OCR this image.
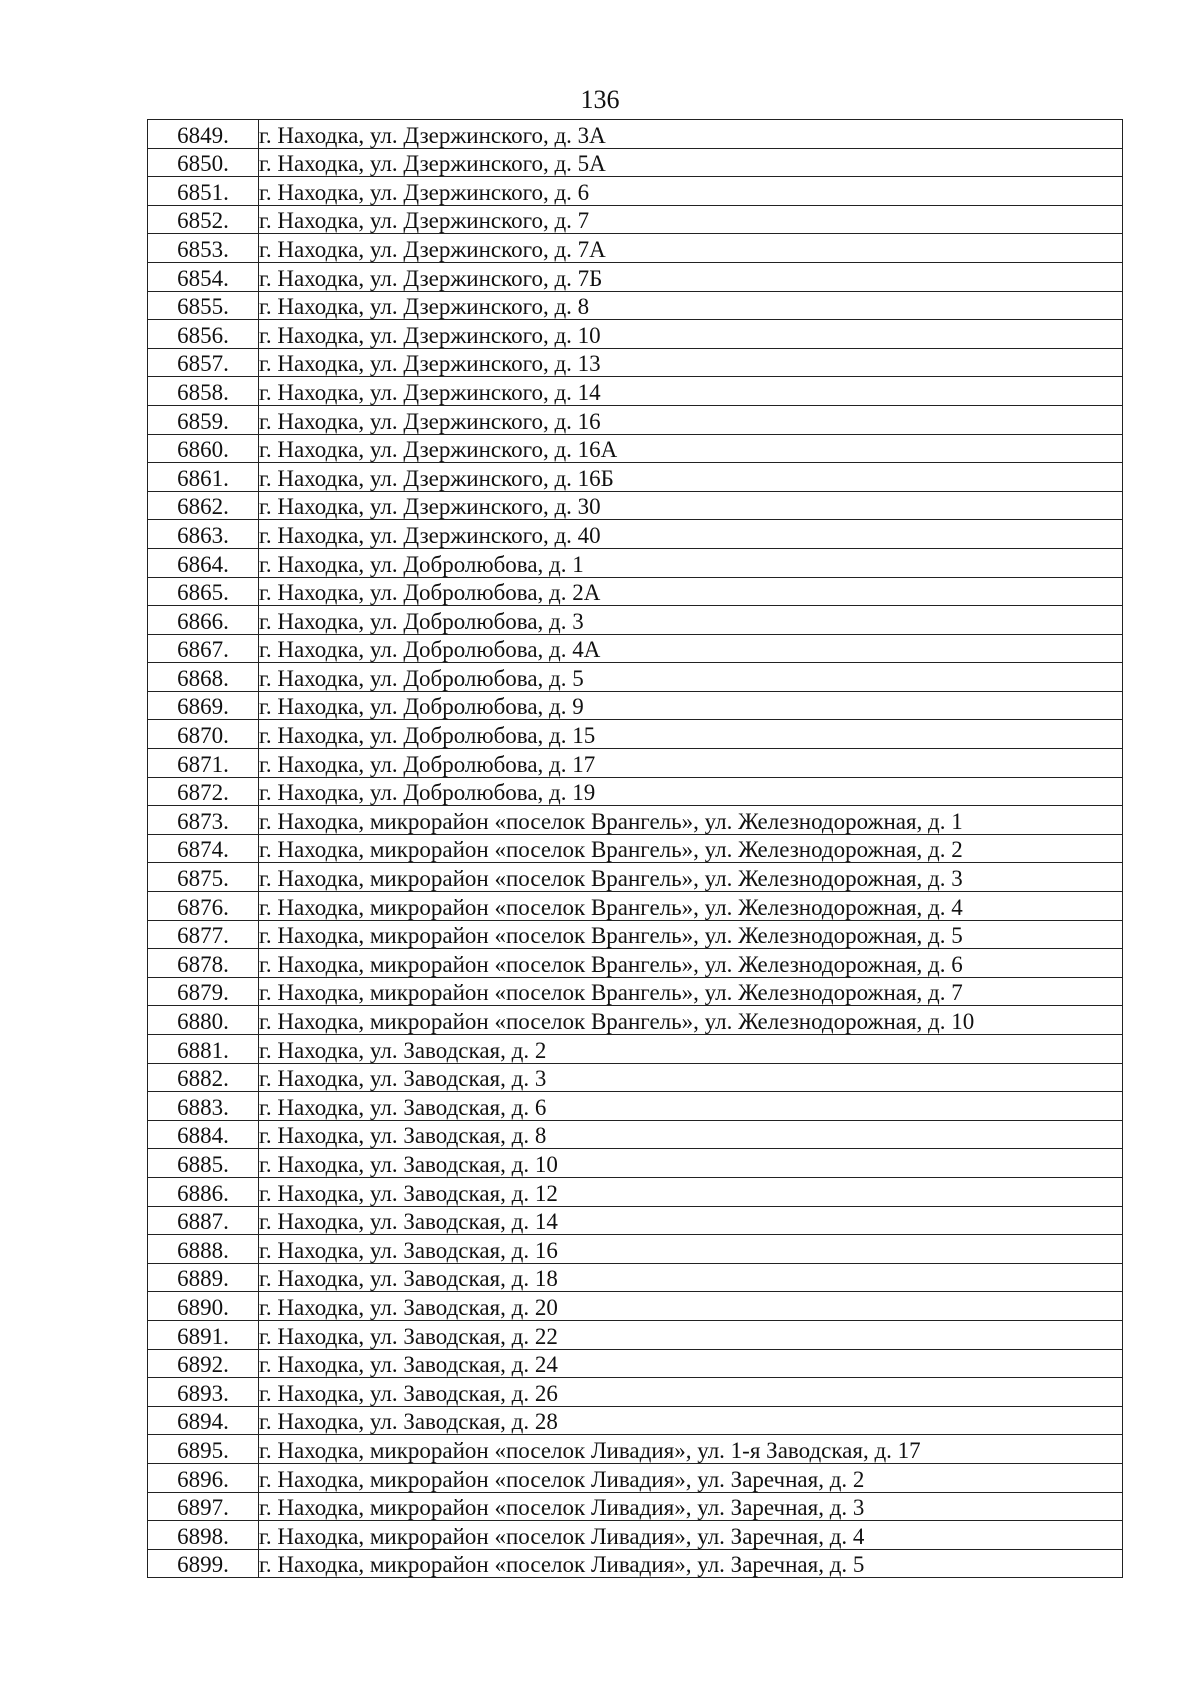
136
6849.	г. Находка, ул. Дзержинского, д. 3А
6850.	г. Находка, ул. Дзержинского, д. 5А
6851.	г. Находка, ул. Дзержинского, д. 6
6852.	г. Находка, ул. Дзержинского, д. 7
6853.	г. Находка, ул. Дзержинского, д. 7А
6854.	г. Находка, ул. Дзержинского, д. 7Б
6855.	г. Находка, ул. Дзержинского, д. 8
6856.	г. Находка, ул. Дзержинского, д. 10
6857.	г. Находка, ул. Дзержинского, д. 13
6858.	г. Находка, ул. Дзержинского, д. 14
6859.	г. Находка, ул. Дзержинского, д. 16
6860.	г. Находка, ул. Дзержинского, д. 16А
6861.	г. Находка, ул. Дзержинского, д. 16Б
6862.	г. Находка, ул. Дзержинского, д. 30
6863.	г. Находка, ул. Дзержинского, д. 40
6864.	г. Находка, ул. Добролюбова, д. 1
6865.	г. Находка, ул. Добролюбова, д. 2А
6866.	г. Находка, ул. Добролюбова, д. 3
6867.	г. Находка, ул. Добролюбова, д. 4А
6868.	г. Находка, ул. Добролюбова, д. 5
6869.	г. Находка, ул. Добролюбова, д. 9
6870.	г. Находка, ул. Добролюбова, д. 15
6871.	г. Находка, ул. Добролюбова, д. 17
6872.	г. Находка, ул. Добролюбова, д. 19
6873.	г. Находка, микрорайон «поселок Врангель», ул. Железнодорожная, д. 1
6874.	г. Находка, микрорайон «поселок Врангель», ул. Железнодорожная, д. 2
6875.	г. Находка, микрорайон «поселок Врангель», ул. Железнодорожная, д. 3
6876.	г. Находка, микрорайон «поселок Врангель», ул. Железнодорожная, д. 4
6877.	г. Находка, микрорайон «поселок Врангель», ул. Железнодорожная, д. 5
6878.	г. Находка, микрорайон «поселок Врангель», ул. Железнодорожная, д. 6
6879.	г. Находка, микрорайон «поселок Врангель», ул. Железнодорожная, д. 7
6880.	г. Находка, микрорайон «поселок Врангель», ул. Железнодорожная, д. 10
6881.	г. Находка, ул. Заводская, д. 2
6882.	г. Находка, ул. Заводская, д. 3
6883.	г. Находка, ул. Заводская, д. 6
6884.	г. Находка, ул. Заводская, д. 8
6885.	г. Находка, ул. Заводская, д. 10
6886.	г. Находка, ул. Заводская, д. 12
6887.	г. Находка, ул. Заводская, д. 14
6888.	г. Находка, ул. Заводская, д. 16
6889.	г. Находка, ул. Заводская, д. 18
6890.	г. Находка, ул. Заводская, д. 20
6891.	г. Находка, ул. Заводская, д. 22
6892.	г. Находка, ул. Заводская, д. 24
6893.	г. Находка, ул. Заводская, д. 26
6894.	г. Находка, ул. Заводская, д. 28
6895.	г. Находка, микрорайон «поселок Ливадия», ул. 1-я Заводская, д. 17
6896.	г. Находка, микрорайон «поселок Ливадия», ул. Заречная, д. 2
6897.	г. Находка, микрорайон «поселок Ливадия», ул. Заречная, д. 3
6898.	г. Находка, микрорайон «поселок Ливадия», ул. Заречная, д. 4
6899.	г. Находка, микрорайон «поселок Ливадия», ул. Заречная, д. 5
